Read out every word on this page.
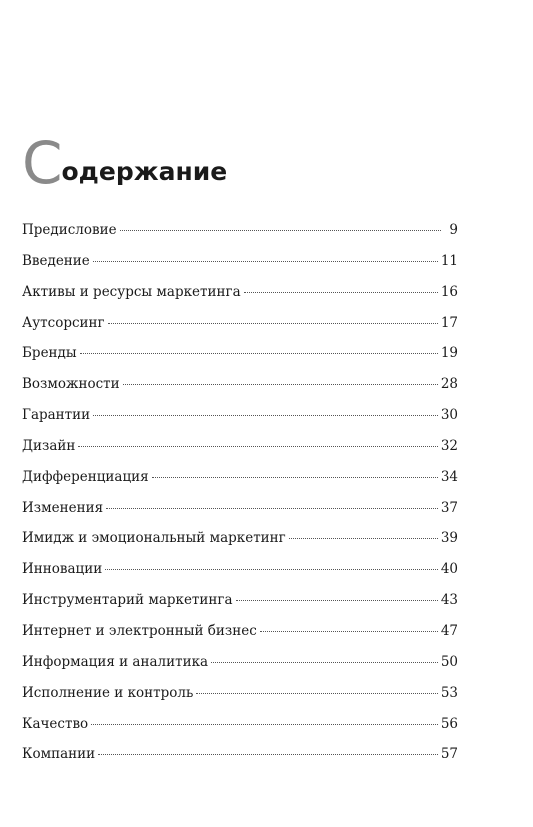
С одержание
Предисловие	9
Введение	11
Активы и ресурсы маркетинга	16
Аутсорсинг	17
Бренды	19
Возможности	28
Гарантии	30
Дизайн	32
Дифференциация	34
Изменения	37
Имидж и эмоциональный маркетинг	39
Инновации	40
Инструментарий маркетинга	43
Интернет и электронный бизнес	47
Информация и аналитика	50
Исполнение и контроль	53
Качество	56
Компании	57
